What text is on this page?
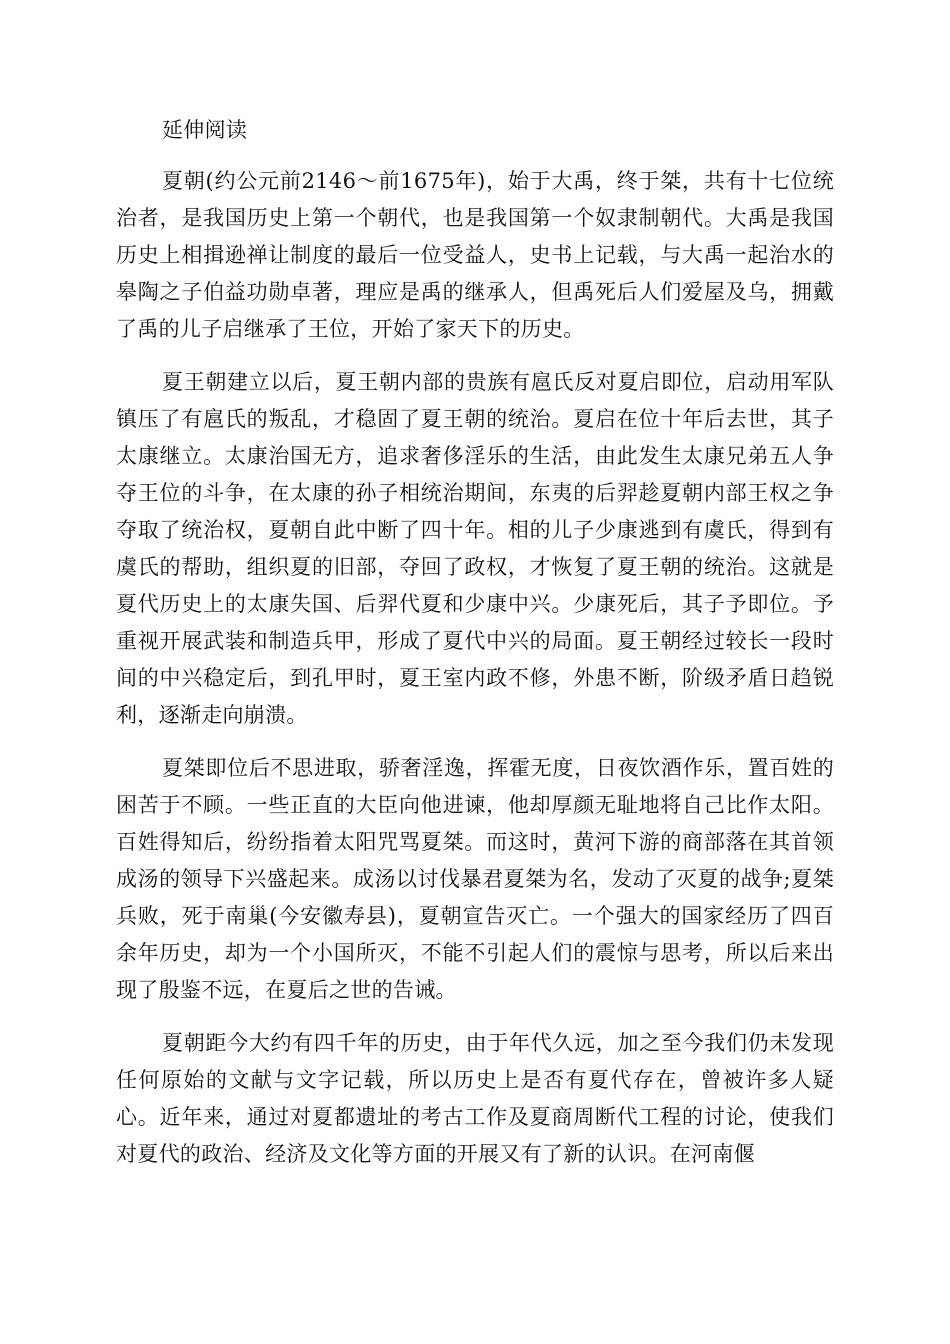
延伸阅读

夏朝(约公元前2146～前1675年)，始于大禹，终于桀，共有十七位统治者，是我国历史上第一个朝代，也是我国第一个奴隶制朝代。大禹是我国历史上相揖逊禅让制度的最后一位受益人，史书上记载，与大禹一起治水的皋陶之子伯益功勋卓著，理应是禹的继承人，但禹死后人们爱屋及乌，拥戴了禹的儿子启继承了王位，开始了家天下的历史。

夏王朝建立以后，夏王朝内部的贵族有扈氏反对夏启即位，启动用军队镇压了有扈氏的叛乱，才稳固了夏王朝的统治。夏启在位十年后去世，其子太康继立。太康治国无方，追求奢侈淫乐的生活，由此发生太康兄弟五人争夺王位的斗争，在太康的孙子相统治期间，东夷的后羿趁夏朝内部王权之争夺取了统治权，夏朝自此中断了四十年。相的儿子少康逃到有虞氏，得到有虞氏的帮助，组织夏的旧部，夺回了政权，才恢复了夏王朝的统治。这就是夏代历史上的太康失国、后羿代夏和少康中兴。少康死后，其子予即位。予重视开展武装和制造兵甲，形成了夏代中兴的局面。夏王朝经过较长一段时间的中兴稳定后，到孔甲时，夏王室内政不修，外患不断，阶级矛盾日趋锐利，逐渐走向崩溃。

夏桀即位后不思进取，骄奢淫逸，挥霍无度，日夜饮酒作乐，置百姓的困苦于不顾。一些正直的大臣向他进谏，他却厚颜无耻地将自己比作太阳。百姓得知后，纷纷指着太阳咒骂夏桀。而这时，黄河下游的商部落在其首领成汤的领导下兴盛起来。成汤以讨伐暴君夏桀为名，发动了灭夏的战争;夏桀兵败，死于南巢(今安徽寿县)，夏朝宣告灭亡。一个强大的国家经历了四百余年历史，却为一个小国所灭，不能不引起人们的震惊与思考，所以后来出现了殷鉴不远，在夏后之世的告诫。

夏朝距今大约有四千年的历史，由于年代久远，加之至今我们仍未发现任何原始的文献与文字记载，所以历史上是否有夏代存在，曾被许多人疑心。近年来，通过对夏都遗址的考古工作及夏商周断代工程的讨论，使我们对夏代的政治、经济及文化等方面的开展又有了新的认识。在河南偃
